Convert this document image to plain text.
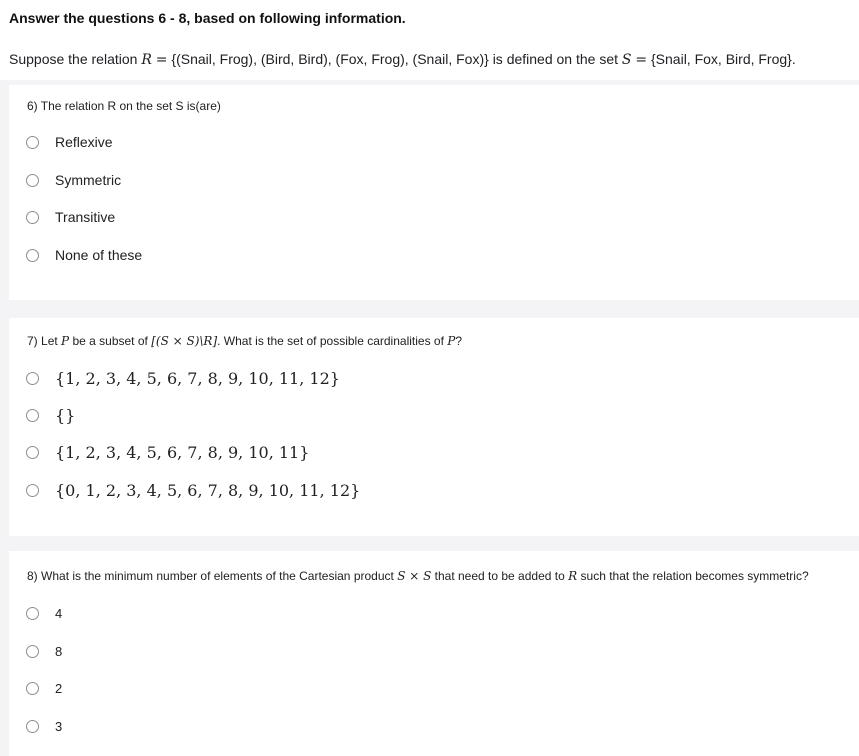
Answer the questions 6 - 8, based on following information.
Suppose the relation R = {(Snail, Frog), (Bird, Bird), (Fox, Frog), (Snail, Fox)} is defined on the set S = {Snail, Fox, Bird, Frog}.
6) The relation R on the set S is(are)
Reflexive
Symmetric
Transitive
None of these
7) Let P be a subset of [(S × S)\R]. What is the set of possible cardinalities of P?
{1, 2, 3, 4, 5, 6, 7, 8, 9, 10, 11, 12}
{}
{1, 2, 3, 4, 5, 6, 7, 8, 9, 10, 11}
{0, 1, 2, 3, 4, 5, 6, 7, 8, 9, 10, 11, 12}
8) What is the minimum number of elements of the Cartesian product S × S that need to be added to R such that the relation becomes symmetric?
4
8
2
3
